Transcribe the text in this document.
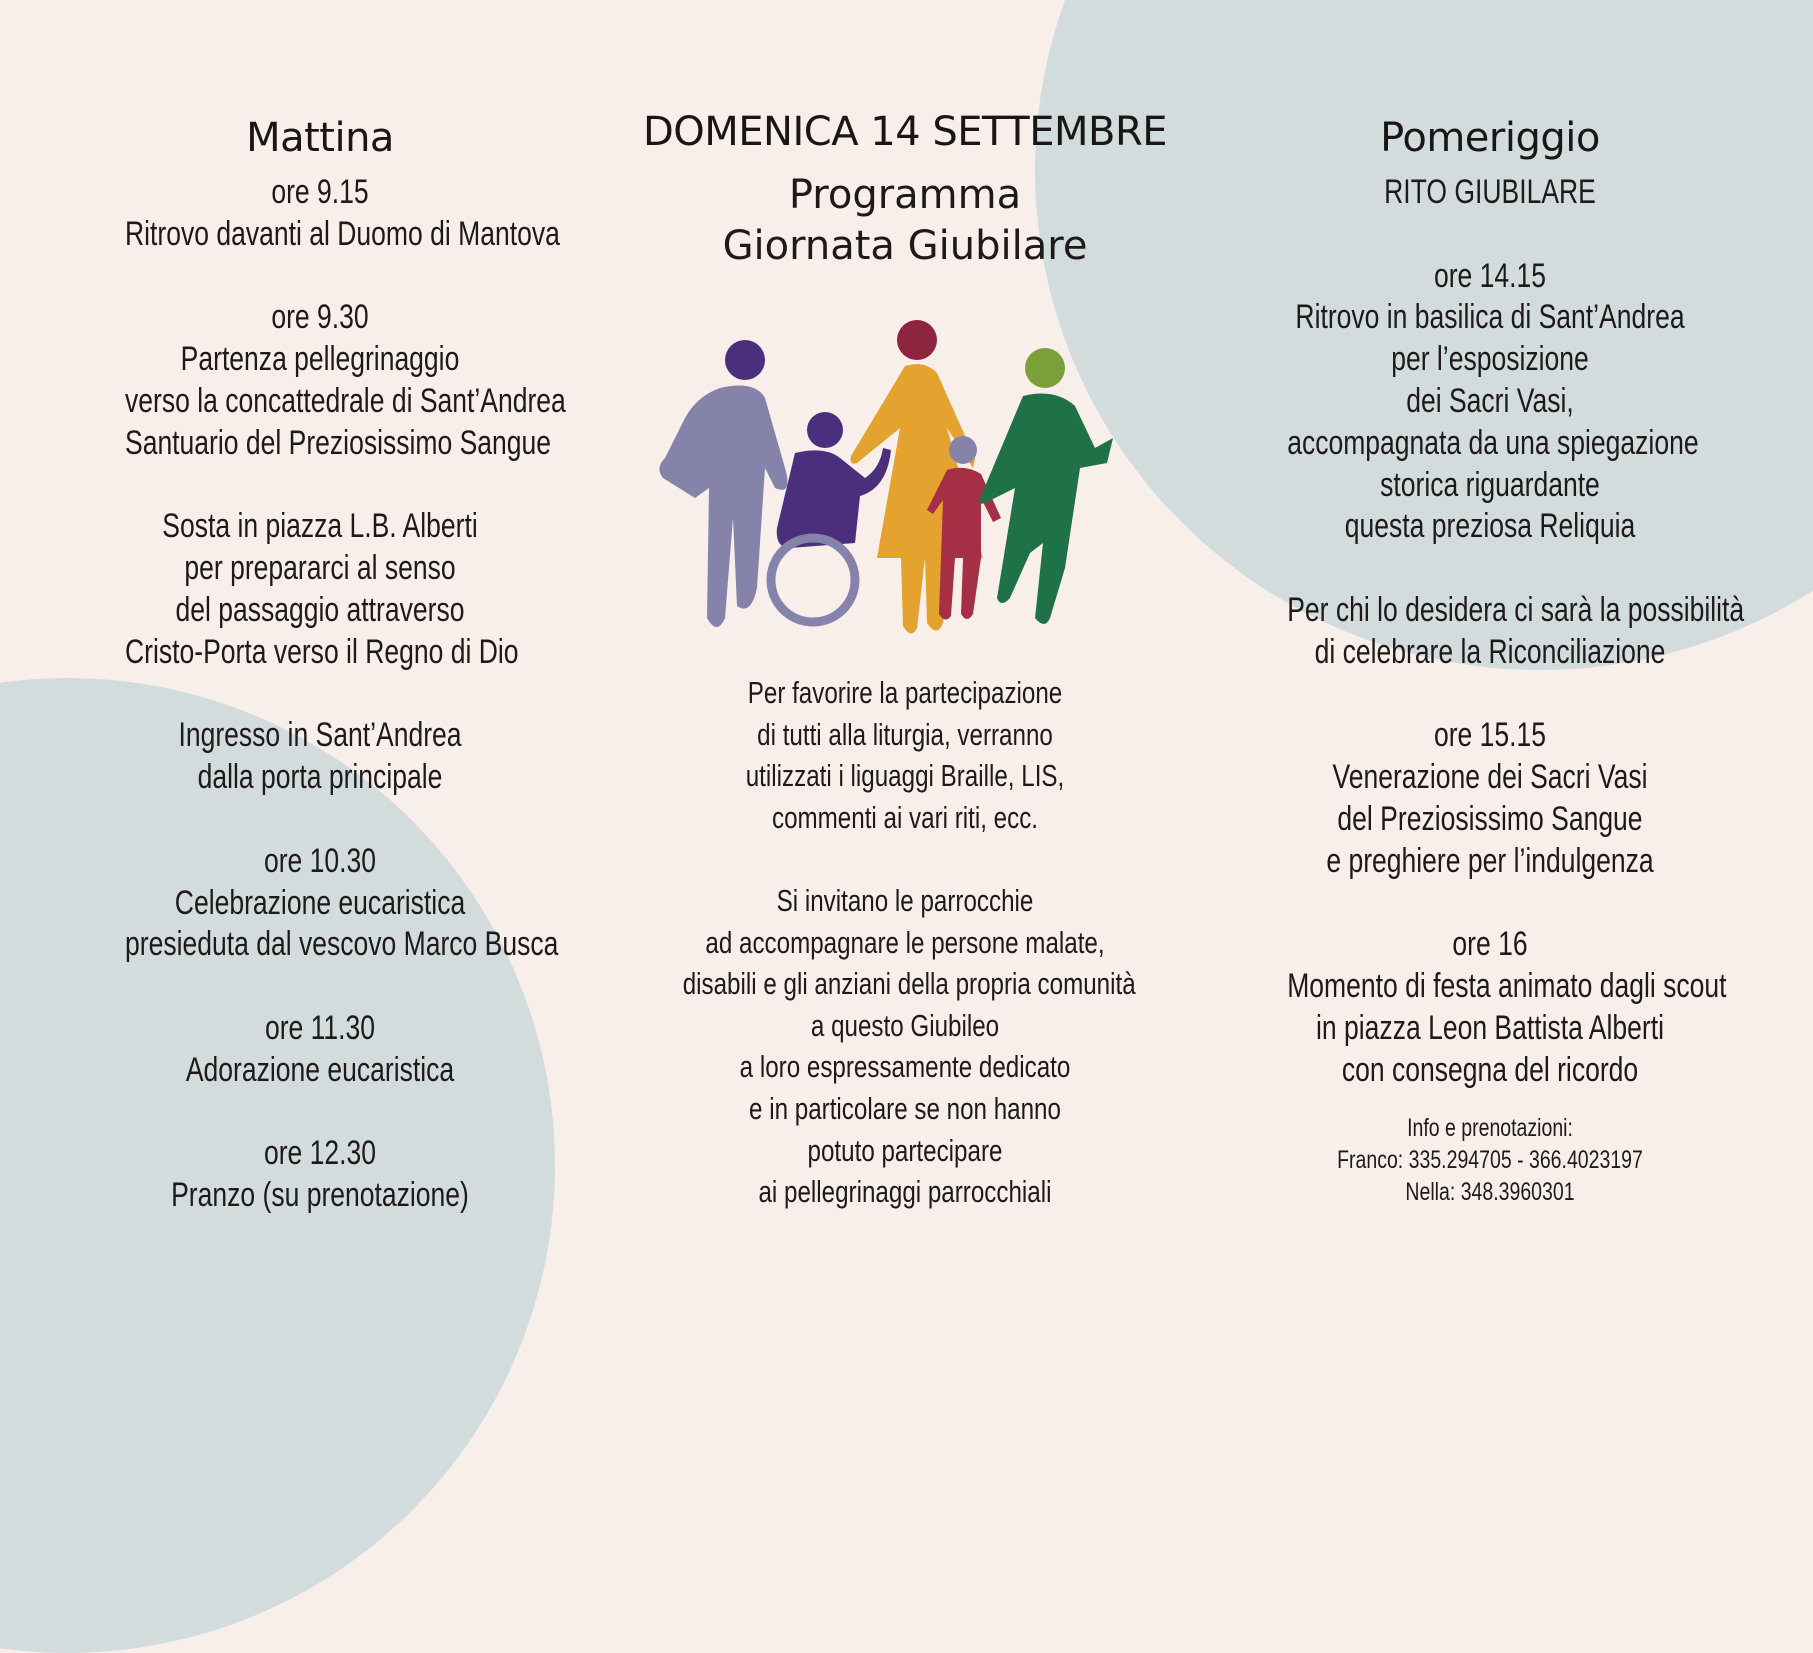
Mattina
ore 9.15
Ritrovo davanti al Duomo di Mantova
ore 9.30
Partenza pellegrinaggio
verso la concattedrale di Sant’Andrea
Santuario del Preziosissimo Sangue
Sosta in piazza L.B. Alberti
per prepararci al senso
del passaggio attraverso
Cristo-Porta verso il Regno di Dio
Ingresso in Sant’Andrea
dalla porta principale
ore 10.30
Celebrazione eucaristica
presieduta dal vescovo Marco Busca
ore 11.30
Adorazione eucaristica
ore 12.30
Pranzo (su prenotazione)
DOMENICA 14 SETTEMBRE
Programma
Giornata Giubilare
Per favorire la partecipazione
di tutti alla liturgia, verranno
utilizzati i liguaggi Braille, LIS,
commenti ai vari riti, ecc.
Si invitano le parrocchie
ad accompagnare le persone malate,
disabili e gli anziani della propria comunità
a questo Giubileo
a loro espressamente dedicato
e in particolare se non hanno
potuto partecipare
ai pellegrinaggi parrocchiali
Pomeriggio
RITO GIUBILARE
ore 14.15
Ritrovo in basilica di Sant’Andrea
per l’esposizione
dei Sacri Vasi,
accompagnata da una spiegazione
storica riguardante
questa preziosa Reliquia
Per chi lo desidera ci sarà la possibilità
di celebrare la Riconciliazione
ore 15.15
Venerazione dei Sacri Vasi
del Preziosissimo Sangue
e preghiere per l’indulgenza
ore 16
Momento di festa animato dagli scout
in piazza Leon Battista Alberti
con consegna del ricordo
Info e prenotazioni:
Franco: 335.294705 - 366.4023197
Nella: 348.3960301
